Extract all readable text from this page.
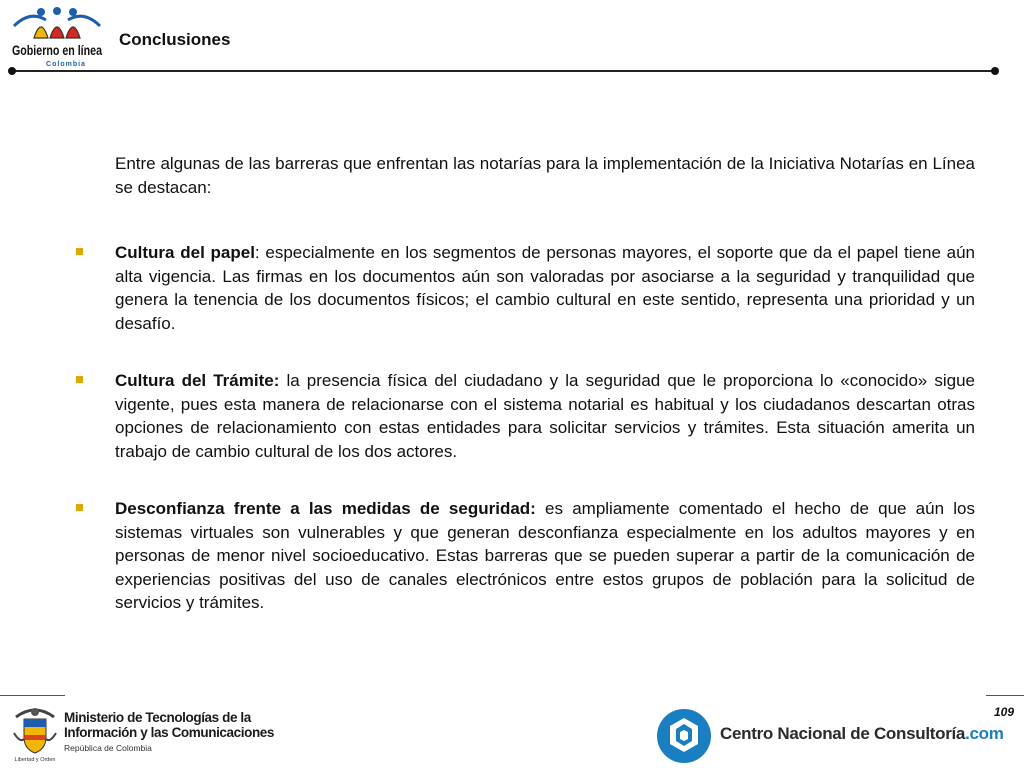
Gobierno en línea
Colombia
Conclusiones

Entre algunas de las barreras que enfrentan las notarías para la implementación de la Iniciativa Notarías en Línea se destacan:

Cultura del papel: especialmente en los segmentos de personas mayores, el soporte que da el papel tiene aún alta vigencia. Las firmas en los documentos aún son valoradas por asociarse a la seguridad y tranquilidad que genera la tenencia de los documentos físicos; el cambio cultural en este sentido, representa una prioridad y un desafío.

Cultura del Trámite: la presencia física del ciudadano y la seguridad que le proporciona lo «conocido» sigue vigente, pues esta manera de relacionarse con el sistema notarial es habitual y los ciudadanos descartan otras opciones de relacionamiento con estas entidades para solicitar servicios y trámites. Esta situación amerita un trabajo de cambio cultural de los dos actores.

Desconfianza frente a las medidas de seguridad: es ampliamente comentado el hecho de que aún los sistemas virtuales son vulnerables y que generan desconfianza especialmente en los adultos mayores y en personas de menor nivel socioeducativo. Estas barreras que se pueden superar a partir de la comunicación de experiencias positivas del uso de canales electrónicos entre estos grupos de población para la solicitud de servicios y trámites.

109
Libertad y Orden
Ministerio de Tecnologías de la
Información y las Comunicaciones
República de Colombia
Centro Nacional de Consultoría.com
